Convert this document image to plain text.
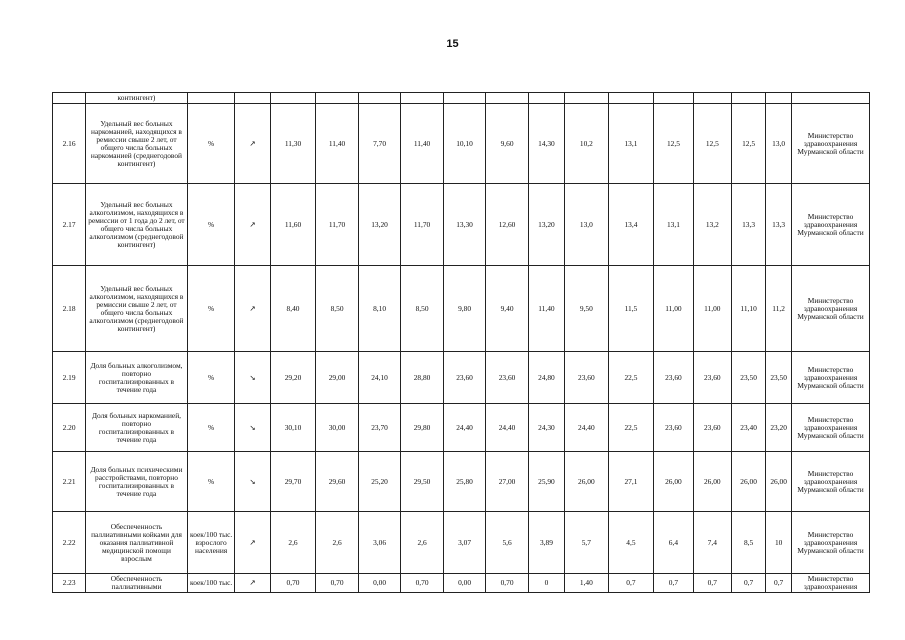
15
	контингент)																
2.16	Удельный вес больных наркоманией, находящихся в ремиссии свыше 2 лет, от общего числа больных наркоманией (среднегодовой контингент)	%	↗	11,30	11,40	7,70	11,40	10,10	9,60	14,30	10,2	13,1	12,5	12,5	12,5	13,0	Министерство здравоохранения Мурманской области
2.17	Удельный вес больных алкоголизмом, находящихся в ремиссии от 1 года до 2 лет, от общего числа больных алкоголизмом (среднегодовой контингент)	%	↗	11,60	11,70	13,20	11,70	13,30	12,60	13,20	13,0	13,4	13,1	13,2	13,3	13,3	Министерство здравоохранения Мурманской области
2.18	Удельный вес больных алкоголизмом, находящихся в ремиссии свыше 2 лет, от общего числа больных алкоголизмом (среднегодовой контингент)	%	↗	8,40	8,50	8,10	8,50	9,80	9,40	11,40	9,50	11,5	11,00	11,00	11,10	11,2	Министерство здравоохранения Мурманской области
2.19	Доля больных алкоголизмом, повторно госпитализированных в течение года	%	↘	29,20	29,00	24,10	28,80	23,60	23,60	24,80	23,60	22,5	23,60	23,60	23,50	23,50	Министерство здравоохранения Мурманской области
2.20	Доля больных наркоманией, повторно госпитализированных в течение года	%	↘	30,10	30,00	23,70	29,80	24,40	24,40	24,30	24,40	22,5	23,60	23,60	23,40	23,20	Министерство здравоохранения Мурманской области
2.21	Доля больных психическими расстройствами, повторно госпитализированных в течение года	%	↘	29,70	29,60	25,20	29,50	25,80	27,00	25,90	26,00	27,1	26,00	26,00	26,00	26,00	Министерство здравоохранения Мурманской области
2.22	Обеспеченность паллиативными койками для оказания паллиативной медицинской помощи взрослым	коек/100 тыс. взрослого населения	↗	2,6	2,6	3,06	2,6	3,07	5,6	3,89	5,7	4,5	6,4	7,4	8,5	10	Министерство здравоохранения Мурманской области
2.23	Обеспеченность паллиативными	коек/100 тыс.	↗	0,70	0,70	0,00	0,70	0,00	0,70	0	1,40	0,7	0,7	0,7	0,7	0,7	Министерство здравоохранения
